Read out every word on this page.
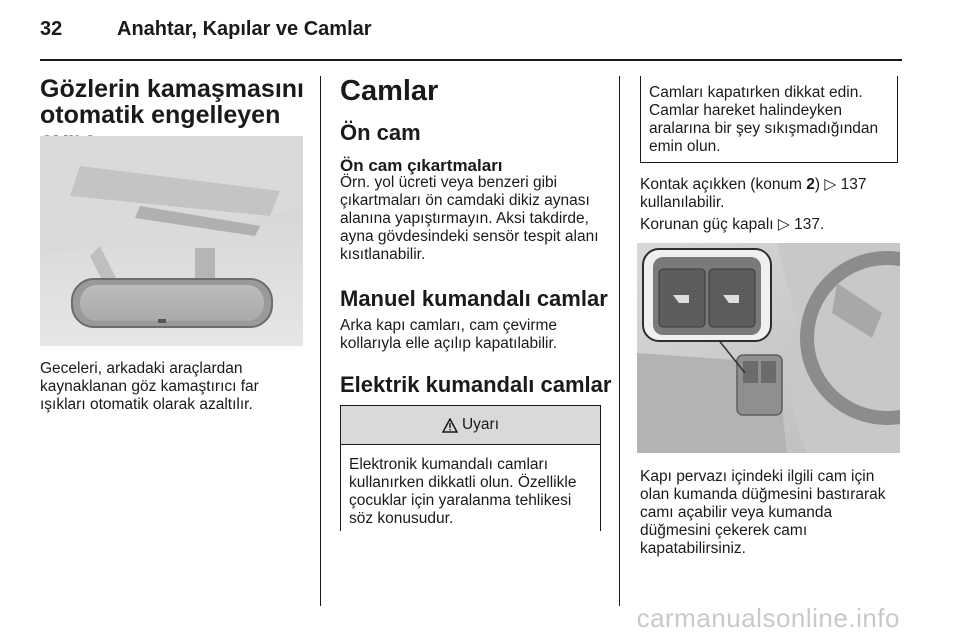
32	Anahtar, Kapılar ve Camlar
Gözlerin kamaşmasını
otomatik engelleyen
Geceleri, arkadaki araçlardan
kaynaklanan göz kamaştırıcı far
ışıkları otomatik olarak azaltılır.
Camlar
Ön cam
Ön cam çıkartmaları
Örn. yol ücreti veya benzeri gibi
çıkartmaları ön camdaki dikiz aynası
alanına yapıştırmayın. Aksi takdirde,
ayna gövdesindeki sensör tespit alanı
kısıtlanabilir.
Manuel kumandalı camlar
Arka kapı camları, cam çevirme
kollarıyla elle açılıp kapatılabilir.
Elektrik kumandalı camlar
Uyarı
Elektronik kumandalı camları
kullanırken dikkatli olun. Özellikle
çocuklar için yaralanma tehlikesi
söz konusudur.
Camları kapatırken dikkat edin.
Camlar hareket halindeyken
aralarına bir şey sıkışmadığından
emin olun.
Kontak açıkken (konum 2) ▷ 137
kullanılabilir.
Korunan güç kapalı ▷ 137.
Kapı pervazı içindeki ilgili cam için
olan kumanda düğmesini bastırarak
camı açabilir veya kumanda
düğmesini çekerek camı
kapatabilirsiniz.
carmanualsonline.info
